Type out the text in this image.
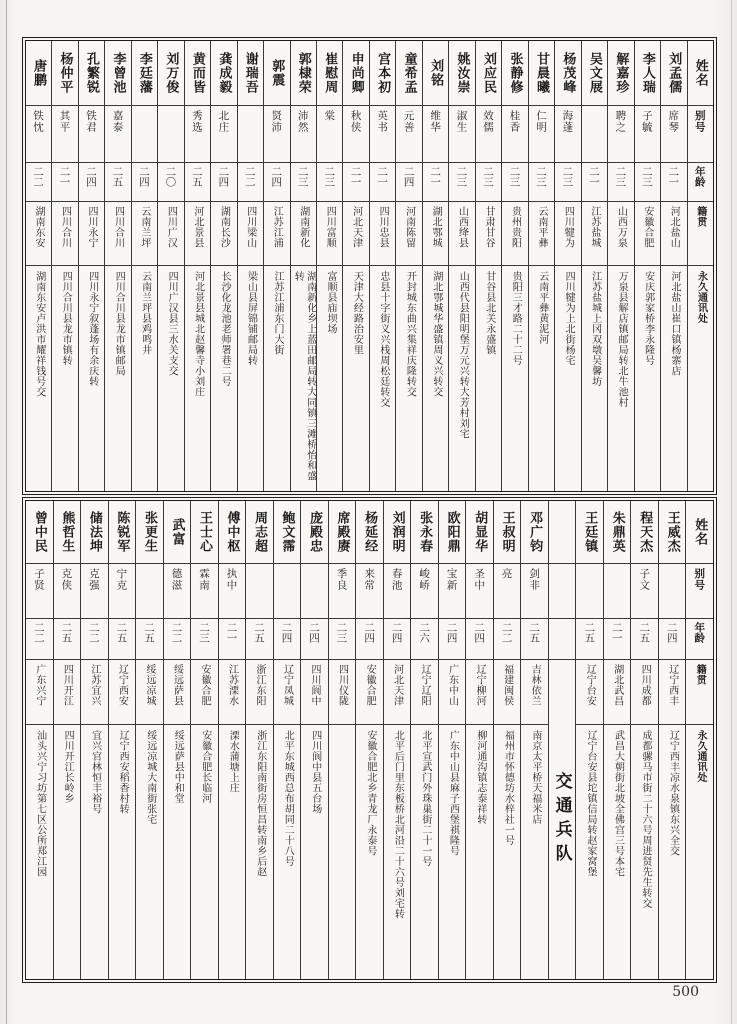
姓名
别号
年龄
籍贯
永久通讯处
刘孟儒
席琴
二一
河北盐山
河北盐山崔口镇杨寨店
李人瑞
子毓
二三
安徽合肥
安庆郭家桥李永隆号
解嘉珍
聘之
二三
山西万泉
万泉县解店镇邮局转北牛池村
吴文展
二一
江苏盐城
江苏盐城上冈双墩吴馨坊
杨茂峰
海蓬
二三
四川犍为
四川犍为上北街杨宅
甘晨曦
仁明
二三
云南平彝
云南平彝黄泥河
张静修
桂香
二三
贵州贵阳
贵阳三才路二十二号
刘应民
效儒
二三
甘肃甘谷
甘谷县北关永盛镇
姚汝崇
淑生
二三
山西绛县
山西代县阳明堡万元兴转大芳村刘宅
刘铭
维华
二一
湖北鄂城
湖北鄂城华盛镇周义兴转交
童希孟
元善
二四
河南陈留
开封城东曲兴集祥庆隆转交
宫本初
英书
二一
四川忠县
忠县十字街义兴栈周松廷转交
申尚卿
秋侠
二一
河北天津
天津大经路治安里
崔慰周
棠
二三
四川富顺
富顺县庙坝场
郭棣荣
沛然
二三
湖南新化
湖南新化乡上蓝田邮局转大同镇三滩桥怡和盛转
郭震
贤沛
二四
江苏江浦
江苏江浦东门大街
谢瑞吾
二二
四川梁山
梁山县屏锦铺邮局转
龚成毅
北庄
二四
湖南长沙
长沙化龙池老师署巷二号
黄而皆
秀选
二五
河北景县
河北景县城北赵馨寺小刘庄
刘万俊
二〇
四川广汉
四川广汉县三水关支交
李廷藩
二四
云南兰坪
云南兰坪县鸡鸣井
李曾池
嘉泰
二五
四川合川
四川合川县龙市镇邮局
孔繁锐
铁君
二四
四川永宁
四川永宁叙蓬场有余庆转
杨仲平
其平
二一
四川合川
四川合川县龙市镇转
唐鹏
铁忱
二二
湖南东安
湖南东安卢洪市耀祥钱号交
姓名
别号
年龄
籍贯
永久通讯处
王威杰
二四
辽宁西丰
辽宁西丰凉水泉镇东兴全交
程天杰
子文
二五
四川成都
成都骡马市街二十六号周进贤先生转交
朱鼎英
二一
湖北武昌
武昌大朝街北坡全佛宫三号本宅
王廷镇
二五
辽宁台安
辽宁台安县坨镇信局转赵家窝堡
交通兵队
邓广钧
剑非
二五
吉林依兰
南京太平桥天福米店
王叔明
亮
二二
福建闽侯
福州市怀德坊水梓社一号
胡显华
圣中
二四
辽宁柳河
柳河通沟镇志泰祥转
欧阳鼎
宝新
二四
广东中山
广东中山县麻子西堡祺隆号
张永春
峻峤
二六
辽宁辽阳
北平宣武门外珠巢街二十一号
刘润明
春池
二四
河北天津
北平后门里东板桥北河沿二十六号刘宅转
杨延经
来常
二四
安徽合肥
安徽合肥北乡青龙厂永泰号
席殿赓
季良
二三
四川仪陇
庞殿忠
二四
四川阆中
四川阆中县五台场
鲍文霈
二四
辽宁凤城
北平东城西总布胡同二十八号
周志超
二五
浙江东阳
浙江东阳南街房恒昌转南乡后赵
傅中枢
执中
二一
江苏溧水
溧水蒲塘上庄
王士心
霖南
二三
安徽合肥
安徽合肥长临河
武富
德滋
二二
绥远萨县
绥远萨县中和堂
张更生
二五
绥远凉城
绥远凉城大南街张宅
陈锐军
宁克
二五
辽宁西安
辽宁西安稻香村转
储法坤
克强
二二
江苏宜兴
宜兴官林恒丰裕号
熊哲生
克侠
二五
四川开江
四川开江长岭乡
曾中民
子贤
二二
广东兴宁
汕头兴宁习坊第七区公所郑江园
500
